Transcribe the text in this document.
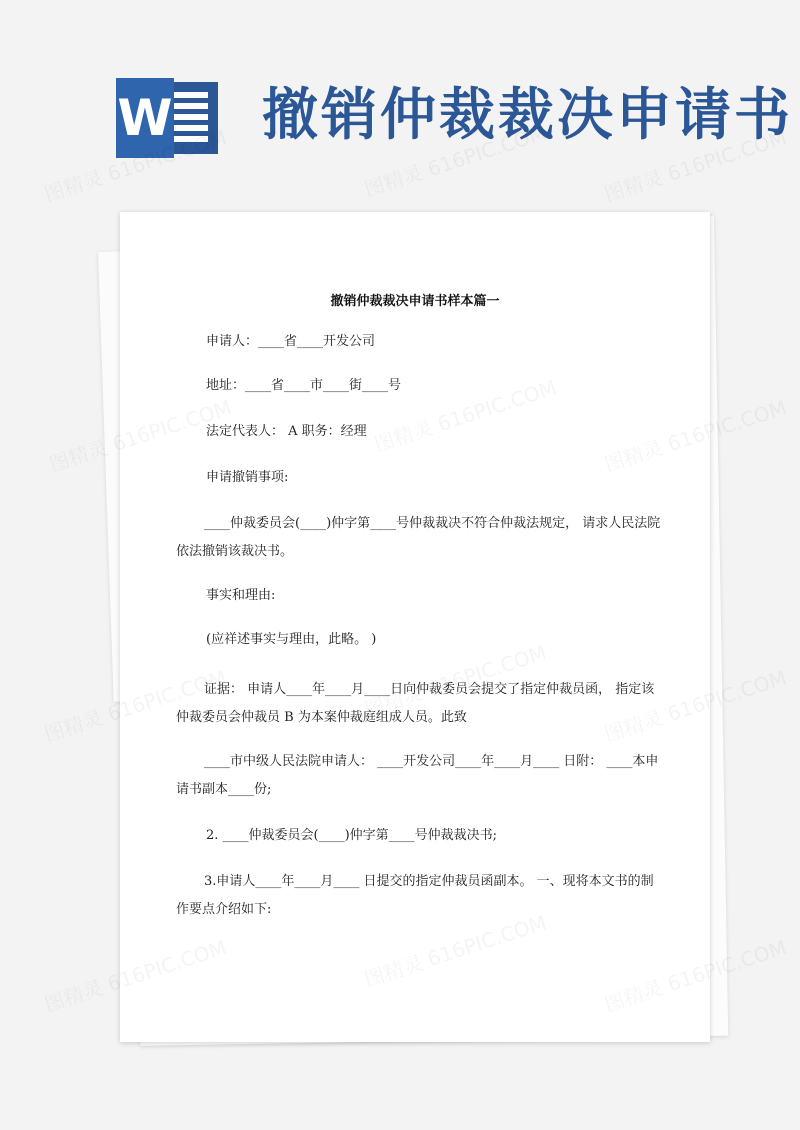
W 撤销仲裁裁决申请书
撤销仲裁裁决申请书样本篇一
申请人：____省____开发公司
地址：____省____市____街____号
法定代表人： A 职务：经理
申请撤销事项:
____仲裁委员会(____)仲字第____号仲裁裁决不符合仲裁法规定， 请求人民法院依法撤销该裁决书。
事实和理由:
(应祥述事实与理由，此略。 )
证据： 申请人____年____月____日向仲裁委员会提交了指定仲裁员函， 指定该仲裁委员会仲裁员 B 为本案仲裁庭组成人员。此致
____市中级人民法院申请人： ____开发公司____年____月____ 日附： ____本申请书副本____份;
2. ____仲裁委员会(____)仲字第____号仲裁裁决书;
3.申请人____年____月____ 日提交的指定仲裁员函副本。 一、现将本文书的制作要点介绍如下:
